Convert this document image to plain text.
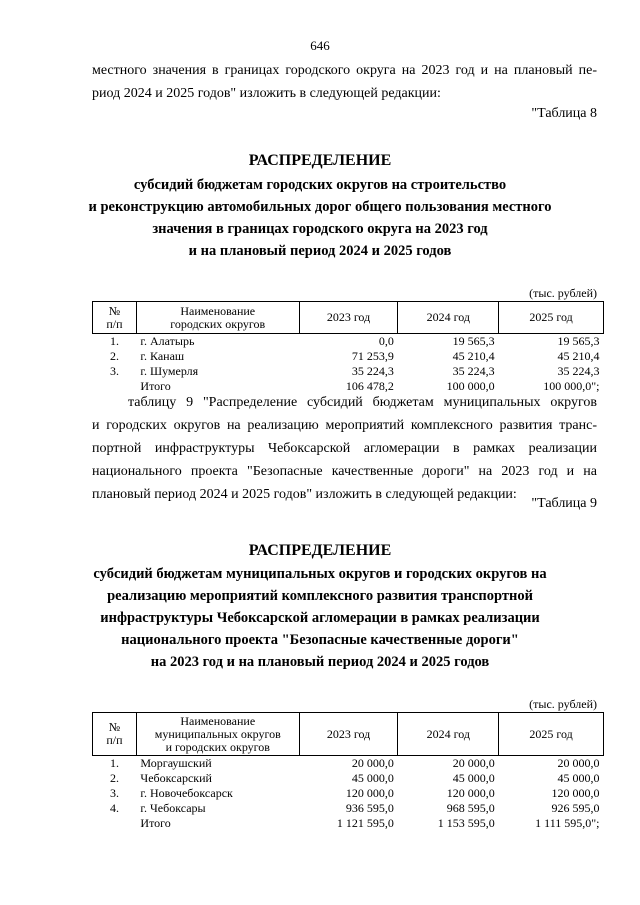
646
местного значения в границах городского округа на 2023 год и на плановый пе-
риод 2024 и 2025 годов" изложить в следующей редакции:
"Таблица 8
РАСПРЕДЕЛЕНИЕ
субсидий бюджетам городских округов на строительство
и реконструкцию автомобильных дорог общего пользования местного
значения в границах городского округа на 2023 год
и на плановый период 2024 и 2025 годов
(тыс. рублей)
№
п/п	Наименование
городских округов	2023 год	2024 год	2025 год
1.	г. Алатырь	0,0	19 565,3	19 565,3
2.	г. Канаш	71 253,9	45 210,4	45 210,4
3.	г. Шумерля	35 224,3	35 224,3	35 224,3
	Итого	106 478,2	100 000,0	100 000,0";
таблицу 9 "Распределение субсидий бюджетам муниципальных округов
и городских округов на реализацию мероприятий комплексного развития транс-
портной инфраструктуры Чебоксарской агломерации в рамках реализации
национального проекта "Безопасные качественные дороги" на 2023 год и на
плановый период 2024 и 2025 годов" изложить в следующей редакции:
"Таблица 9
РАСПРЕДЕЛЕНИЕ
субсидий бюджетам муниципальных округов и городских округов на
реализацию мероприятий комплексного развития транспортной
инфраструктуры Чебоксарской агломерации в рамках реализации
национального проекта "Безопасные качественные дороги"
на 2023 год и на плановый период 2024 и 2025 годов
(тыс. рублей)
№
п/п	Наименование
муниципальных округов
и городских округов	2023 год	2024 год	2025 год
1.	Моргаушский	20 000,0	20 000,0	20 000,0
2.	Чебоксарский	45 000,0	45 000,0	45 000,0
3.	г. Новочебоксарск	120 000,0	120 000,0	120 000,0
4.	г. Чебоксары	936 595,0	968 595,0	926 595,0
	Итого	1 121 595,0	1 153 595,0	1 111 595,0";
